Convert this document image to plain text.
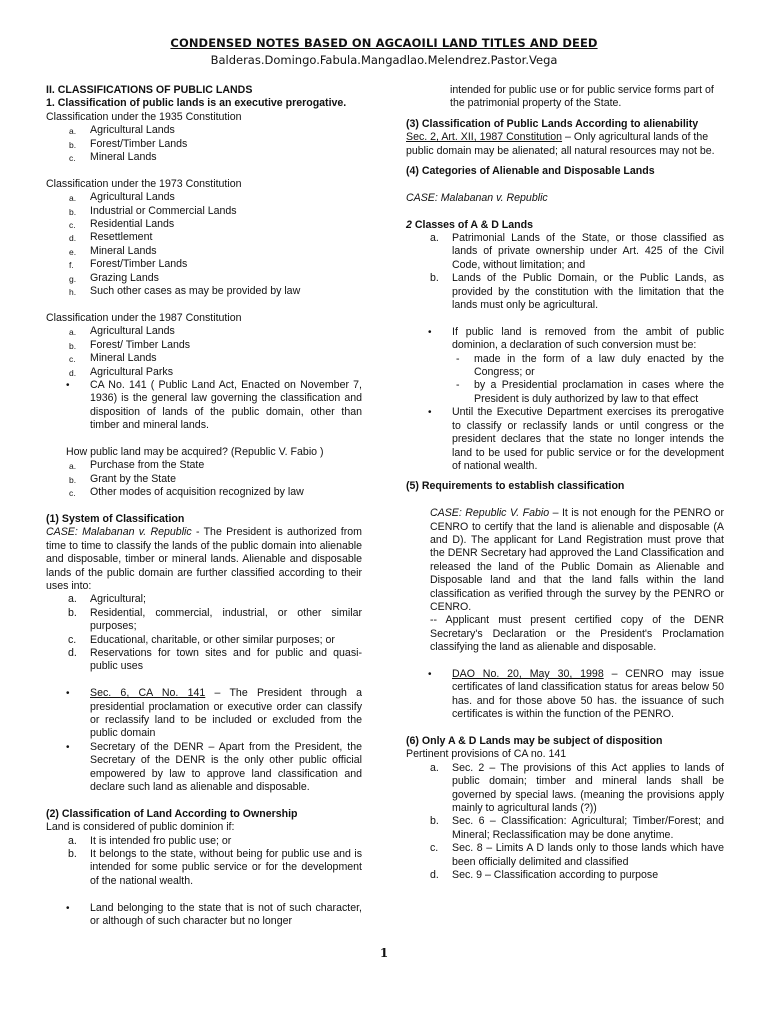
CONDENSED NOTES BASED ON AGCAOILI LAND TITLES AND DEED
Balderas.Domingo.Fabula.Mangadlao.Melendrez.Pastor.Vega

II. CLASSIFICATIONS OF PUBLIC LANDS

1. Classification of public lands is an executive prerogative.

Classification under the 1935 Constitution

a. Agricultural Lands
b. Forest/Timber Lands
c. Mineral Lands

Classification under the 1973 Constitution

a. Agricultural Lands
b. Industrial or Commercial Lands
c. Residential Lands
d. Resettlement
e. Mineral Lands
f. Forest/Timber Lands
g. Grazing Lands
h. Such other cases as may be provided by law

Classification under the 1987 Constitution

a. Agricultural Lands
b. Forest/ Timber Lands
c. Mineral Lands
d. Agricultural Parks
• CA No. 141 ( Public Land Act, Enacted on November 7, 1936) is the general law governing the classification and disposition of lands of the public domain, other than timber and mineral lands.

How public land may be acquired? (Republic V. Fabio )

a. Purchase from the State
b. Grant by the State
c. Other modes of acquisition recognized by law

(1) System of Classification

CASE: Malabanan v. Republic - The President is authorized from time to time to classify the lands of the public domain into alienable and disposable, timber or mineral lands. Alienable and disposable lands of the public domain are further classified according to their uses into:

a. Agricultural;
b. Residential, commercial, industrial, or other similar purposes;
c. Educational, charitable, or other similar purposes; or
d. Reservations for town sites and for public and quasi-public uses
• Sec. 6, CA No. 141 – The President through a presidential proclamation or executive order can classify or reclassify land to be included or excluded from the public domain
• Secretary of the DENR – Apart from the President, the Secretary of the DENR is the only other public official empowered by law to approve land classification and declare such land as alienable and disposable.

(2) Classification of Land According to Ownership

Land is considered of public dominion if:

a. It is intended fro public use; or
b. It belongs to the state, without being for public use and is intended for some public service or for the development of the national wealth.
• Land belonging to the state that is not of such character, or although of such character but no longer

intended for public use or for public service forms part of the patrimonial property of the State.

(3) Classification of Public Lands According to alienability

Sec. 2, Art. XII, 1987 Constitution – Only agricultural lands of the public domain may be alienated; all natural resources may not be.

(4) Categories of Alienable and Disposable Lands

CASE: Malabanan v. Republic

2 Classes of A & D Lands

a. Patrimonial Lands of the State, or those classified as lands of private ownership under Art. 425 of the Civil Code, without limitation; and
b. Lands of the Public Domain, or the Public Lands, as provided by the constitution with the limitation that the lands must only be agricultural.
• If public land is removed from the ambit of public dominion, a declaration of such conversion must be:
- made in the form of a law duly enacted by the Congress; or
- by a Presidential proclamation in cases where the President is duly authorized by law to that effect
• Until the Executive Department exercises its prerogative to classify or reclassify lands or until congress or the president declares that the state no longer intends the land to be used for public service or for the development of national wealth.

(5) Requirements to establish classification

CASE: Republic V. Fabio – It is not enough for the PENRO or CENRO to certify that the land is alienable and disposable (A and D). The applicant for Land Registration must prove that the DENR Secretary had approved the Land Classification and released the land of the Public Domain as Alienable and Disposable land and that the land falls within the land classification as verified through the survey by the PENRO or CENRO.

-- Applicant must present certified copy of the DENR Secretary's Declaration or the President's Proclamation classifying the land as alienable and disposable.

• DAO No. 20, May 30, 1998 – CENRO may issue certificates of land classification status for areas below 50 has. and for those above 50 has. the issuance of such certificates is within the function of the PENRO.

(6) Only A & D Lands may be subject of disposition

Pertinent provisions of CA no. 141

a. Sec. 2 – The provisions of this Act applies to lands of public domain; timber and mineral lands shall be governed by special laws. (meaning the provisions apply mainly to agricultural lands (?))
b. Sec. 6 – Classification: Agricultural; Timber/Forest; and Mineral; Reclassification may be done anytime.
c. Sec. 8 – Limits A D lands only to those lands which have been officially delimited and classified
d. Sec. 9 – Classification according to purpose
1
